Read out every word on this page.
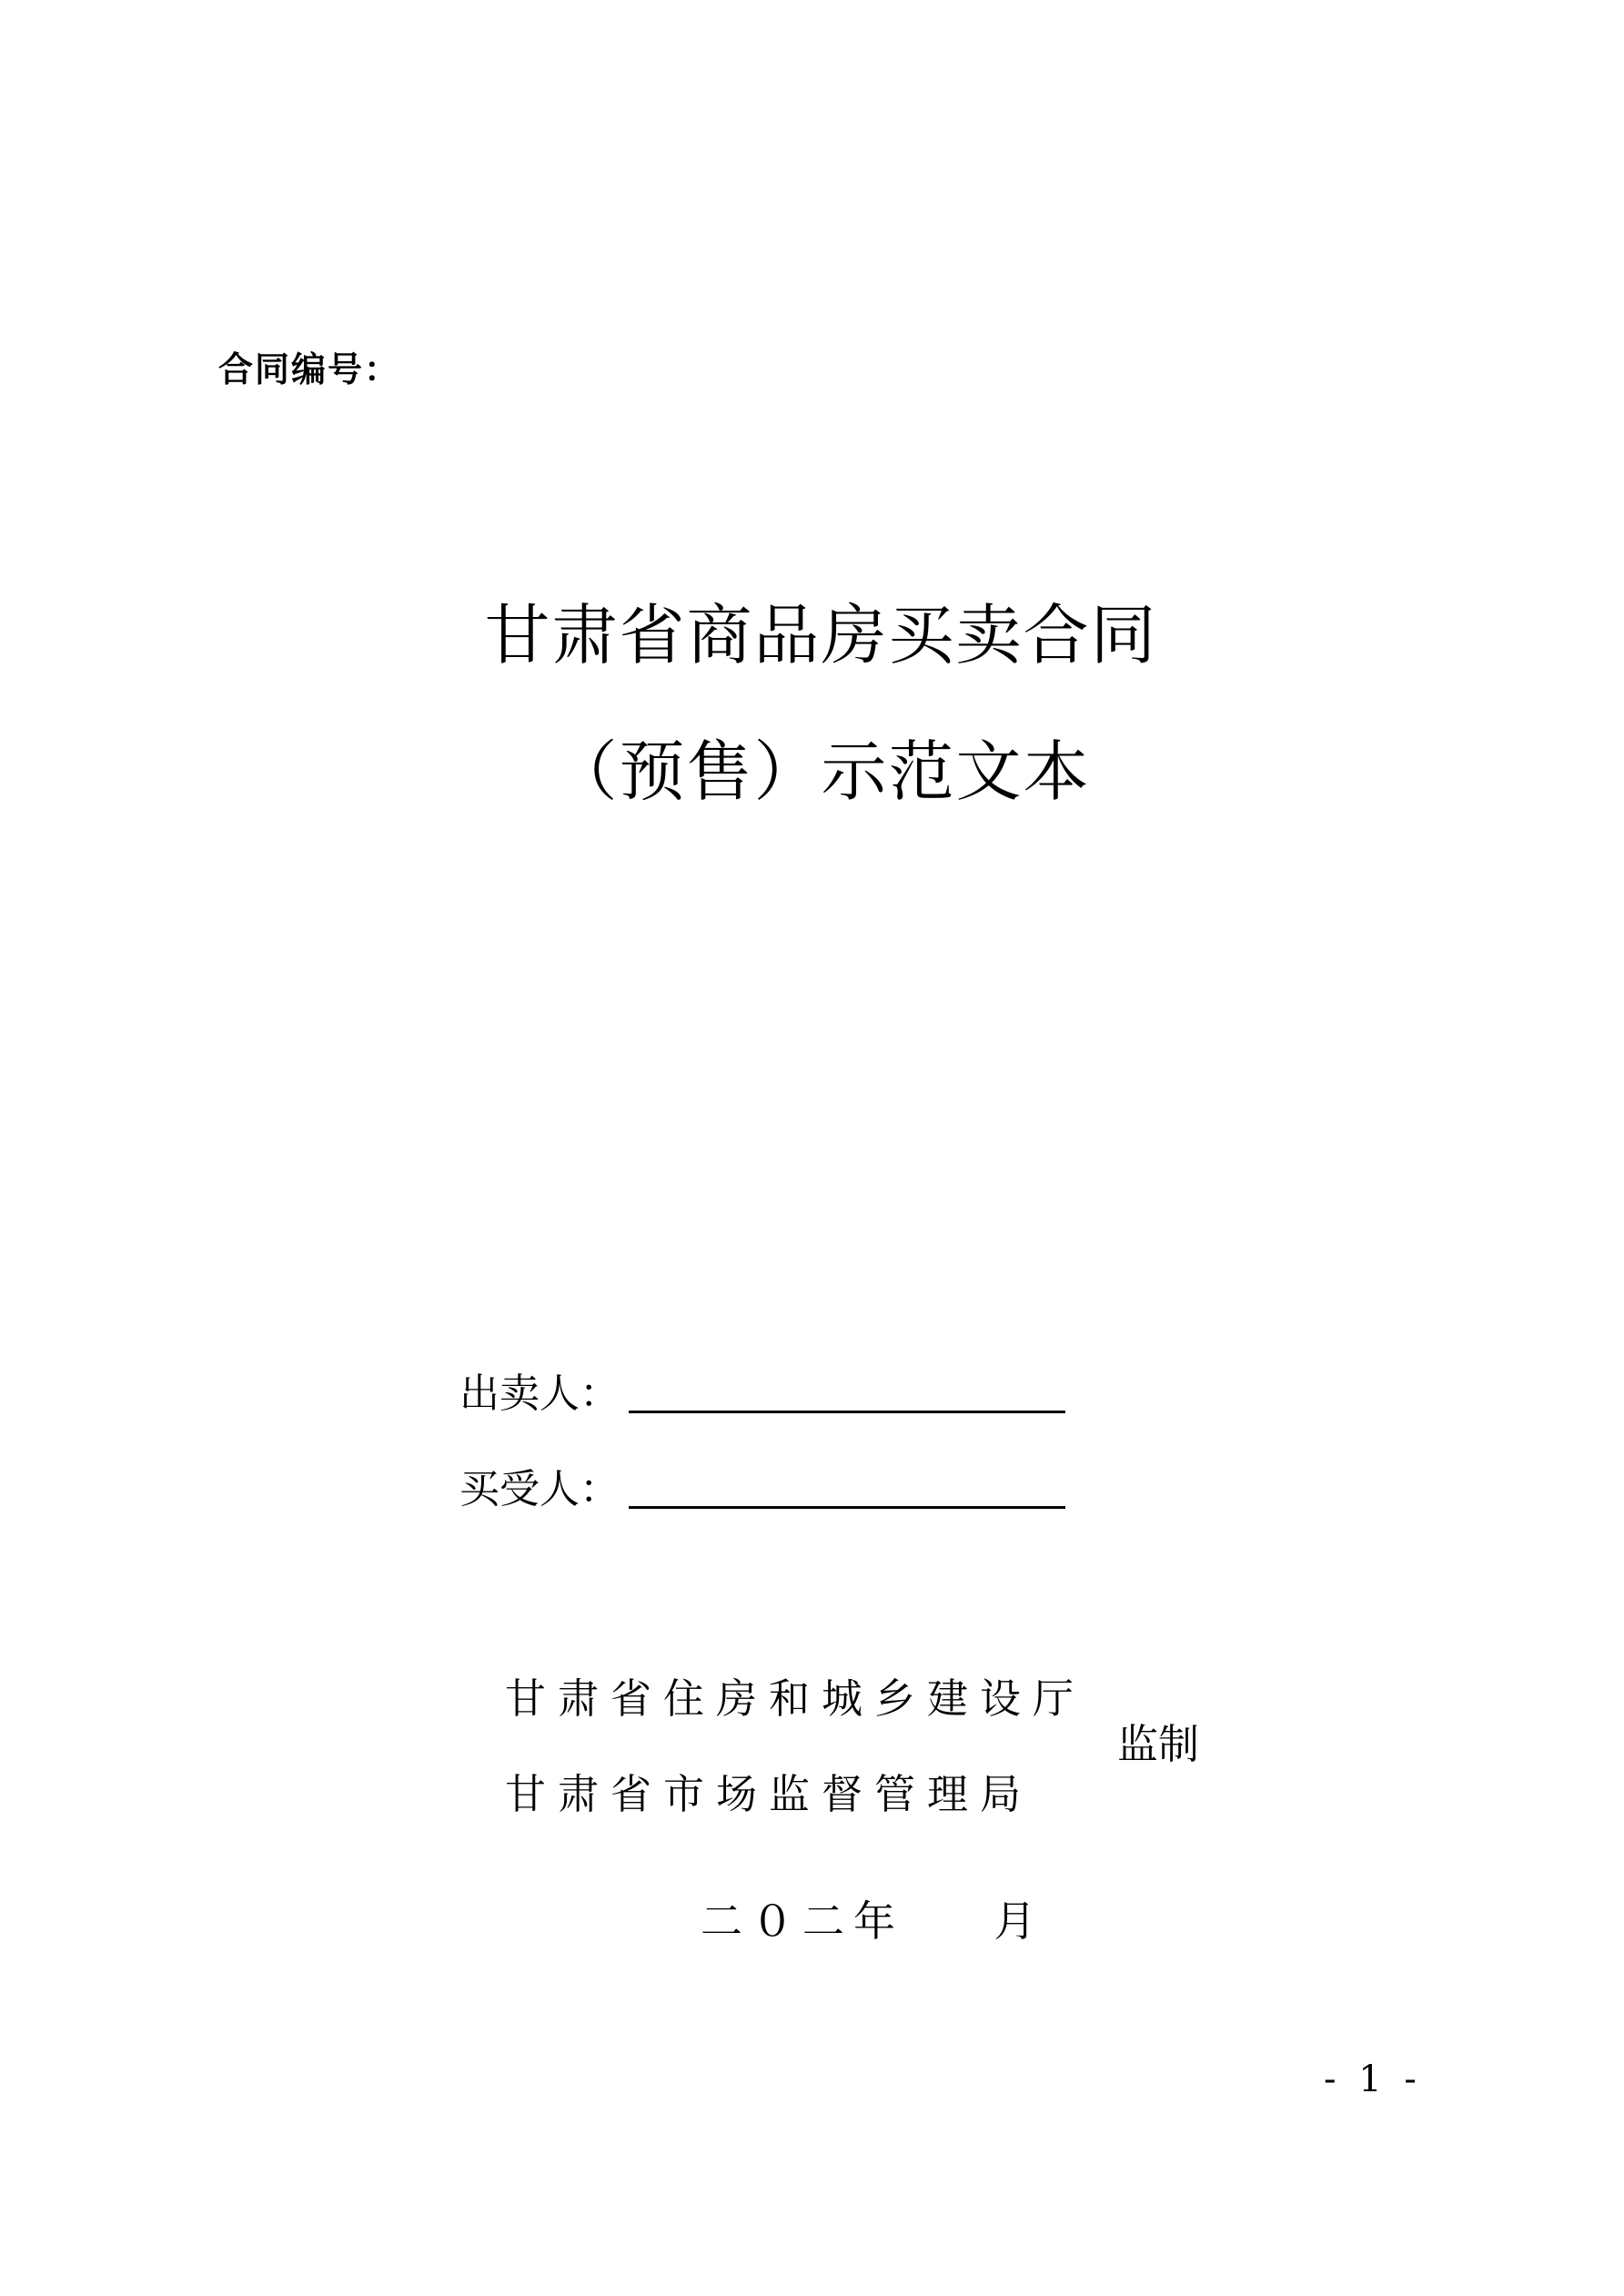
合同编号：
甘肃省商品房买卖合同
（预售）示范文本
出卖人：
买受人：
甘肃省住房和城乡建设厅
甘肃省市场监督管理局
监制
二０二年    月
- 1 -
